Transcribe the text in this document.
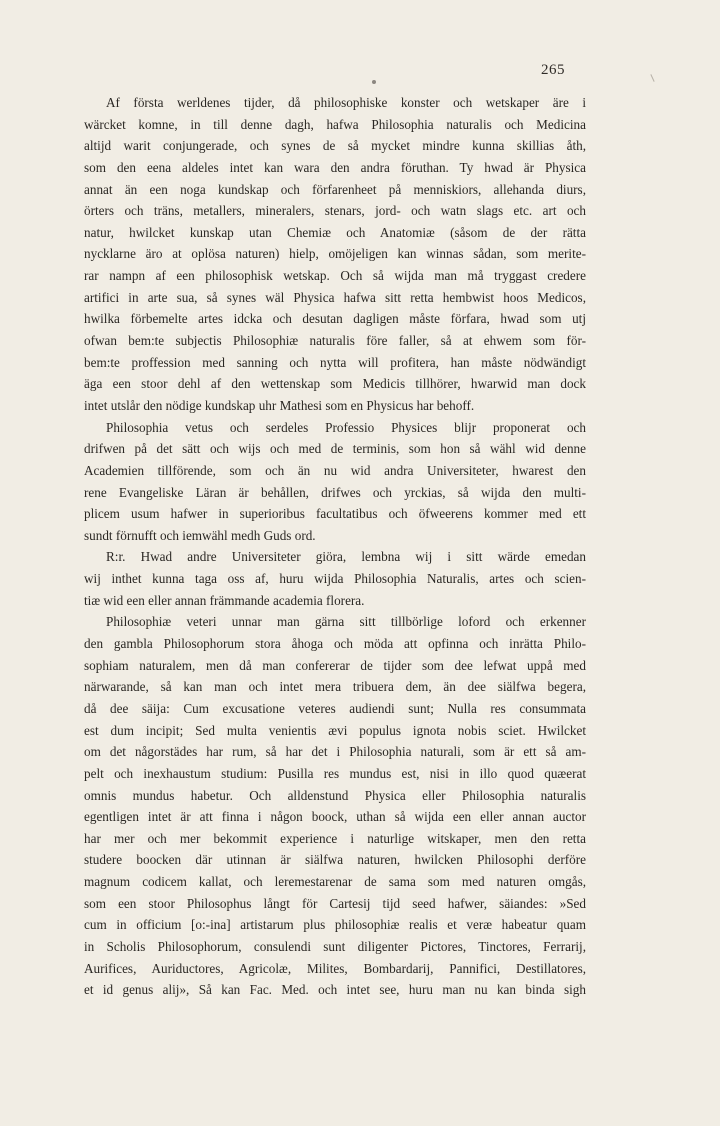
265
Af första werldenes tijder, då philosophiske konster och wetskaper äre i
wärcket komne, in till denne dagh, hafwa Philosophia naturalis och Medicina
altijd warit conjungerade, och synes de så mycket mindre kunna skillias åth,
som den eena aldeles intet kan wara den andra föruthan. Ty hwad är Physica
annat än een noga kundskap och förfarenheet på menniskiors, allehanda diurs,
örters och träns, metallers, mineralers, stenars, jord- och watn slags etc. art och
natur, hwilcket kunskap utan Chemiæ och Anatomiæ (såsom de der rätta
nycklarne äro at oplösa naturen) hielp, omöjeligen kan winnas sådan, som merite-
rar nampn af een philosophisk wetskap. Och så wijda man må tryggast credere
artifici in arte sua, så synes wäl Physica hafwa sitt retta hembwist hoos Medicos,
hwilka förbemelte artes idcka och desutan dagligen måste förfara, hwad som utj
ofwan bem:te subjectis Philosophiæ naturalis före faller, så at ehwem som för-
bem:te proffession med sanning och nytta will profitera, han måste nödwändigt
äga een stoor dehl af den wettenskap som Medicis tillhörer, hwarwid man dock
intet utslår den nödige kundskap uhr Mathesi som en Physicus har behoff.
Philosophia vetus och serdeles Professio Physices blijr proponerat och
drifwen på det sätt och wijs och med de terminis, som hon så wähl wid denne
Academien tillförende, som och än nu wid andra Universiteter, hwarest den
rene Evangeliske Läran är behållen, drifwes och yrckias, så wijda den multi-
plicem usum hafwer in superioribus facultatibus och öfweerens kommer med ett
sundt förnufft och iemwähl medh Guds ord.
R:r. Hwad andre Universiteter giöra, lembna wij i sitt wärde emedan
wij inthet kunna taga oss af, huru wijda Philosophia Naturalis, artes och scien-
tiæ wid een eller annan främmande academia florera.
Philosophiæ veteri unnar man gärna sitt tillbörlige loford och erkenner
den gambla Philosophorum stora åhoga och möda att opfinna och inrätta Philo-
sophiam naturalem, men då man confererar de tijder som dee lefwat uppå med
närwarande, så kan man och intet mera tribuera dem, än dee siälfwa begera,
då dee säija: Cum excusatione veteres audiendi sunt; Nulla res consummata
est dum incipit; Sed multa venientis ævi populus ignota nobis sciet. Hwilcket
om det någorstädes har rum, så har det i Philosophia naturali, som är ett så am-
pelt och inexhaustum studium: Pusilla res mundus est, nisi in illo quod quæerat
omnis mundus habetur. Och alldenstund Physica eller Philosophia naturalis
egentligen intet är att finna i någon boock, uthan så wijda een eller annan auctor
har mer och mer bekommit experience i naturlige witskaper, men den retta
studere boocken där utinnan är siälfwa naturen, hwilcken Philosophi derföre
magnum codicem kallat, och leremestarenar de sama som med naturen omgås,
som een stoor Philosophus långt för Cartesij tijd seed hafwer, säiandes: »Sed
cum in officium [o:-ina] artistarum plus philosophiæ realis et veræ habeatur quam
in Scholis Philosophorum, consulendi sunt diligenter Pictores, Tinctores, Ferrarij,
Aurifices, Auriductores, Agricolæ, Milites, Bombardarij, Pannifici, Destillatores,
et id genus alij», Så kan Fac. Med. och intet see, huru man nu kan binda sigh
